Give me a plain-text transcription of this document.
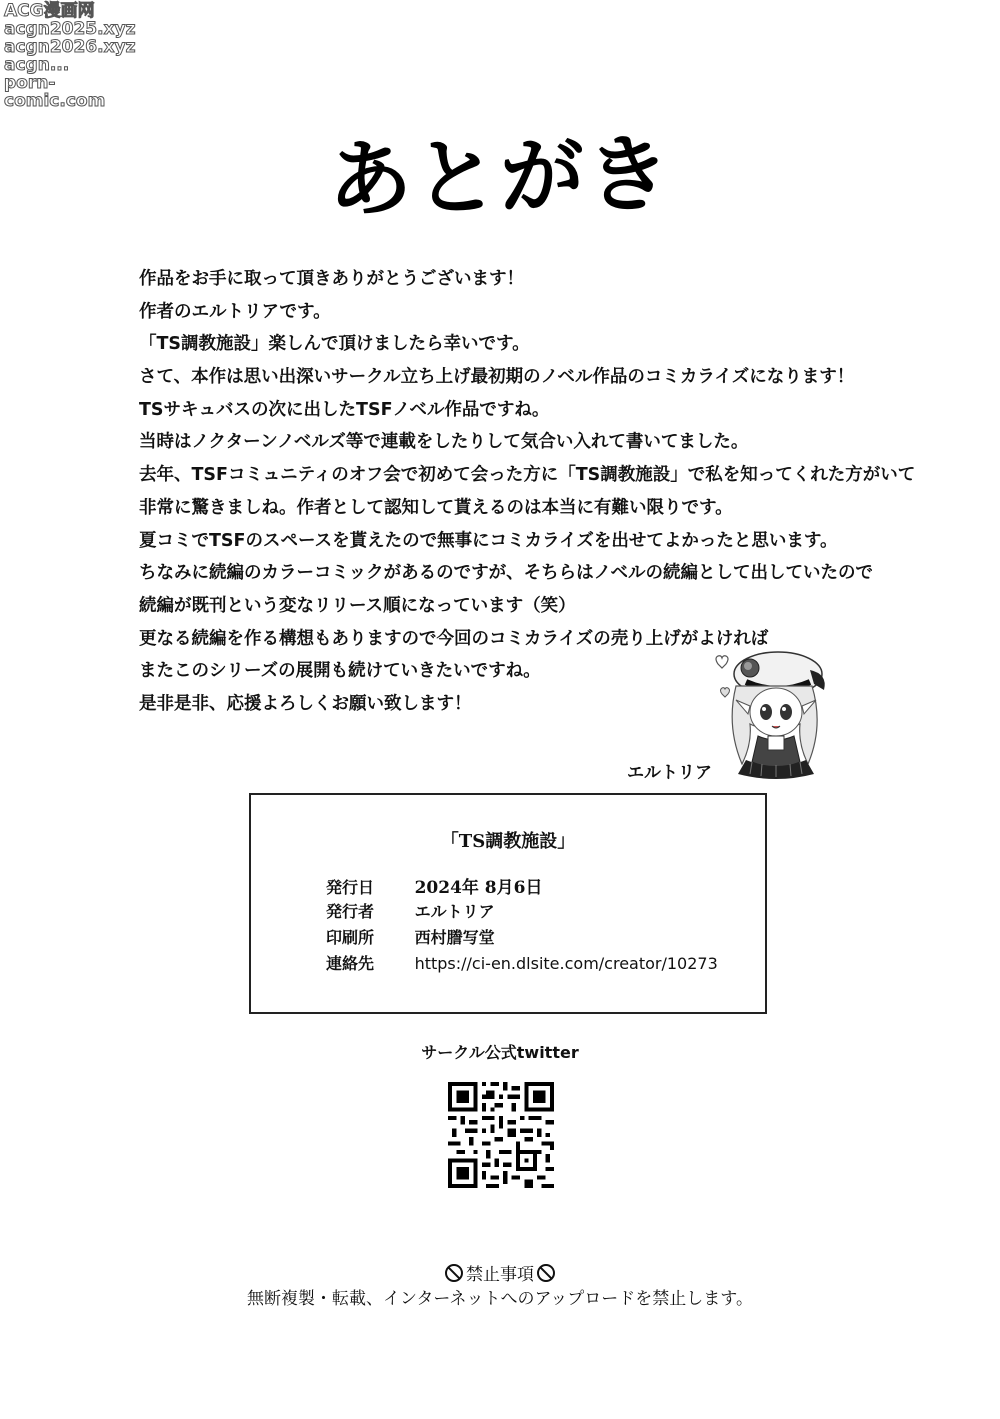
ACG漫画网
acgn2025.xyz
acgn2026.xyz
acgn...
porn-comic.com
あとがき

作品をお手に取って頂きありがとうございます！

作者のエルトリアです。

「TS調教施設」楽しんで頂けましたら幸いです。

さて、本作は思い出深いサークル立ち上げ最初期のノベル作品のコミカライズになります！

TSサキュバスの次に出したTSFノベル作品ですね。

当時はノクターンノベルズ等で連載をしたりして気合い入れて書いてました。

去年、TSFコミュニティのオフ会で初めて会った方に「TS調教施設」で私を知ってくれた方がいて

非常に驚きましね。作者として認知して貰えるのは本当に有難い限りです。

夏コミでTSFのスペースを貰えたので無事にコミカライズを出せてよかったと思います。

ちなみに続編のカラーコミックがあるのですが、そちらはノベルの続編として出していたので

続編が既刊という変なリリース順になっています（笑）

更なる続編を作る構想もありますので今回のコミカライズの売り上げがよければ

またこのシリーズの展開も続けていきたいですね。

是非是非、応援よろしくお願い致します！

エルトリア
「TS調教施設」
発行日 2024年 8月6日
発行者	エルトリア
印刷所	西村謄写堂
連絡先	https://ci-en.dlsite.com/creator/10273
サークル公式twitter
禁止事項
無断複製・転載、インターネットへのアップロードを禁止します。
